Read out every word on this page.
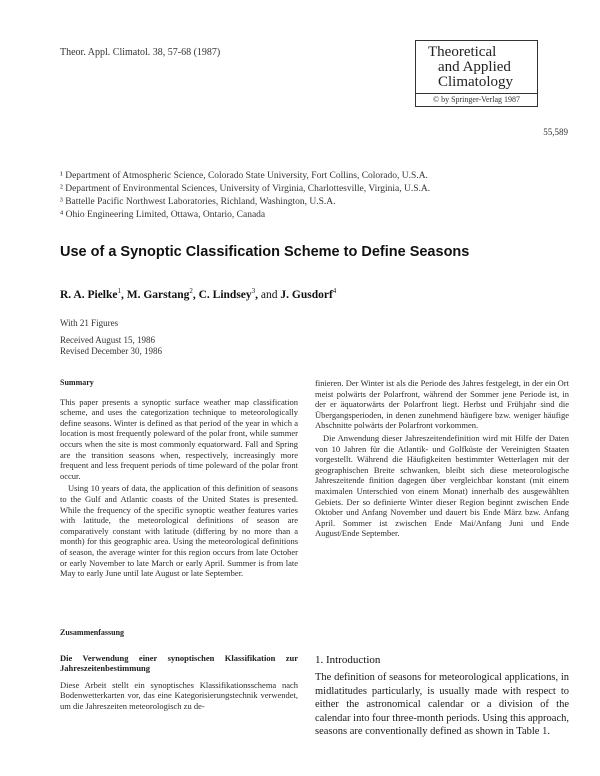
Theor. Appl. Climatol. 38, 57-68 (1987)	Theoretical
and Applied
Climatology
© by Springer-Verlag 1987
55,589
¹ Department of Atmospheric Science, Colorado State University, Fort Collins, Colorado, U.S.A.
² Department of Environmental Sciences, University of Virginia, Charlottesville, Virginia, U.S.A.
³ Battelle Pacific Northwest Laboratories, Richland, Washington, U.S.A.
⁴ Ohio Engineering Limited, Ottawa, Ontario, Canada
Use of a Synoptic Classification Scheme to Define Seasons
R. A. Pielke$^1$, M. Garstang$^2$, C. Lindsey$^3$, and J. Gusdorf$^4$
With 21 Figures
Received August 15, 1986
Revised December 30, 1986
Summary

This paper presents a synoptic surface weather map classification scheme, and uses the categorization technique to meteorologically define seasons. Winter is defined as that period of the year in which a location is most frequently poleward of the polar front, while summer occurs when the site is most commonly equatorward. Fall and Spring are the transition seasons when, respectively, increasingly more frequent and less frequent periods of time poleward of the polar front occur.

Using 10 years of data, the application of this definition of seasons to the Gulf and Atlantic coasts of the United States is presented. While the frequency of the specific synoptic weather features varies with latitude, the meteorological definitions of season are comparatively constant with latitude (differing by no more than a month) for this geographic area. Using the meteorological definitions of season, the average winter for this region occurs from late October or early November to late March or early April. Summer is from late May to early June until late August or late September.

Zusammenfassung
Die Verwendung einer synoptischen Klassifikation zur Jahreszeitenbestimmung

Diese Arbeit stellt ein synoptisches Klassifikationsschema nach Bodenwetterkarten vor, das eine Kategorisierungstechnik verwendet, um die Jahreszeiten meteorologisch zu de-

finieren. Der Winter ist als die Periode des Jahres festgelegt, in der ein Ort meist polwärts der Polarfront, während der Sommer jene Periode ist, in der er äquatorwärts der Polarfront liegt. Herbst und Frühjahr sind die Übergangsperioden, in denen zunehmend häufigere bzw. weniger häufige Abschnitte polwärts der Polarfront vorkommen.

Die Anwendung dieser Jahreszeitendefinition wird mit Hilfe der Daten von 10 Jahren für die Atlantik- und Golfküste der Vereinigten Staaten vorgestellt. Während die Häufigkeiten bestimmter Wetterlagen mit der geographischen Breite schwanken, bleibt sich diese meteorologische Jahreszeitende finition dagegen über vergleichbar konstant (mit einem maximalen Unterschied von einem Monat) innerhalb des ausgewählten Gebiets. Der so definierte Winter dieser Region beginnt zwischen Ende Oktober und Anfang November und dauert bis Ende März bzw. Anfang April. Sommer ist zwischen Ende Mai/Anfang Juni und Ende August/Ende September.

1. Introduction
The definition of seasons for meteorological applications, in midlatitudes particularly, is usually made with respect to either the astronomical calendar or a division of the calendar into four three-month periods. Using this approach, seasons are conventionally defined as shown in Table 1.
